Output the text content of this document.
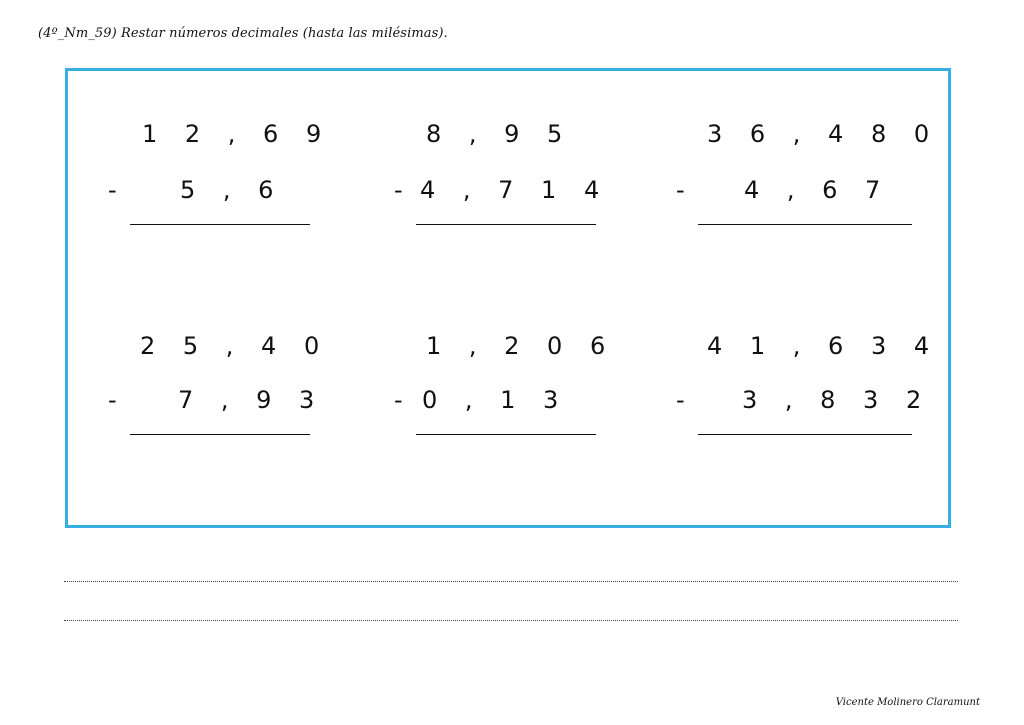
(4º_Nm_59) Restar números decimales (hasta las milésimas).
1 2 , 6 9
-	5 , 6
8 , 9 5
- 4 , 7 1 4
3 6 , 4 8 0
- 4 , 6 7
2 5 , 4 0
-	7 , 9 3
1 , 2 0 6
- 0 , 1 3
4 1 , 6 3 4
- 3 , 8 3 2
Vicente Molinero Claramunt
